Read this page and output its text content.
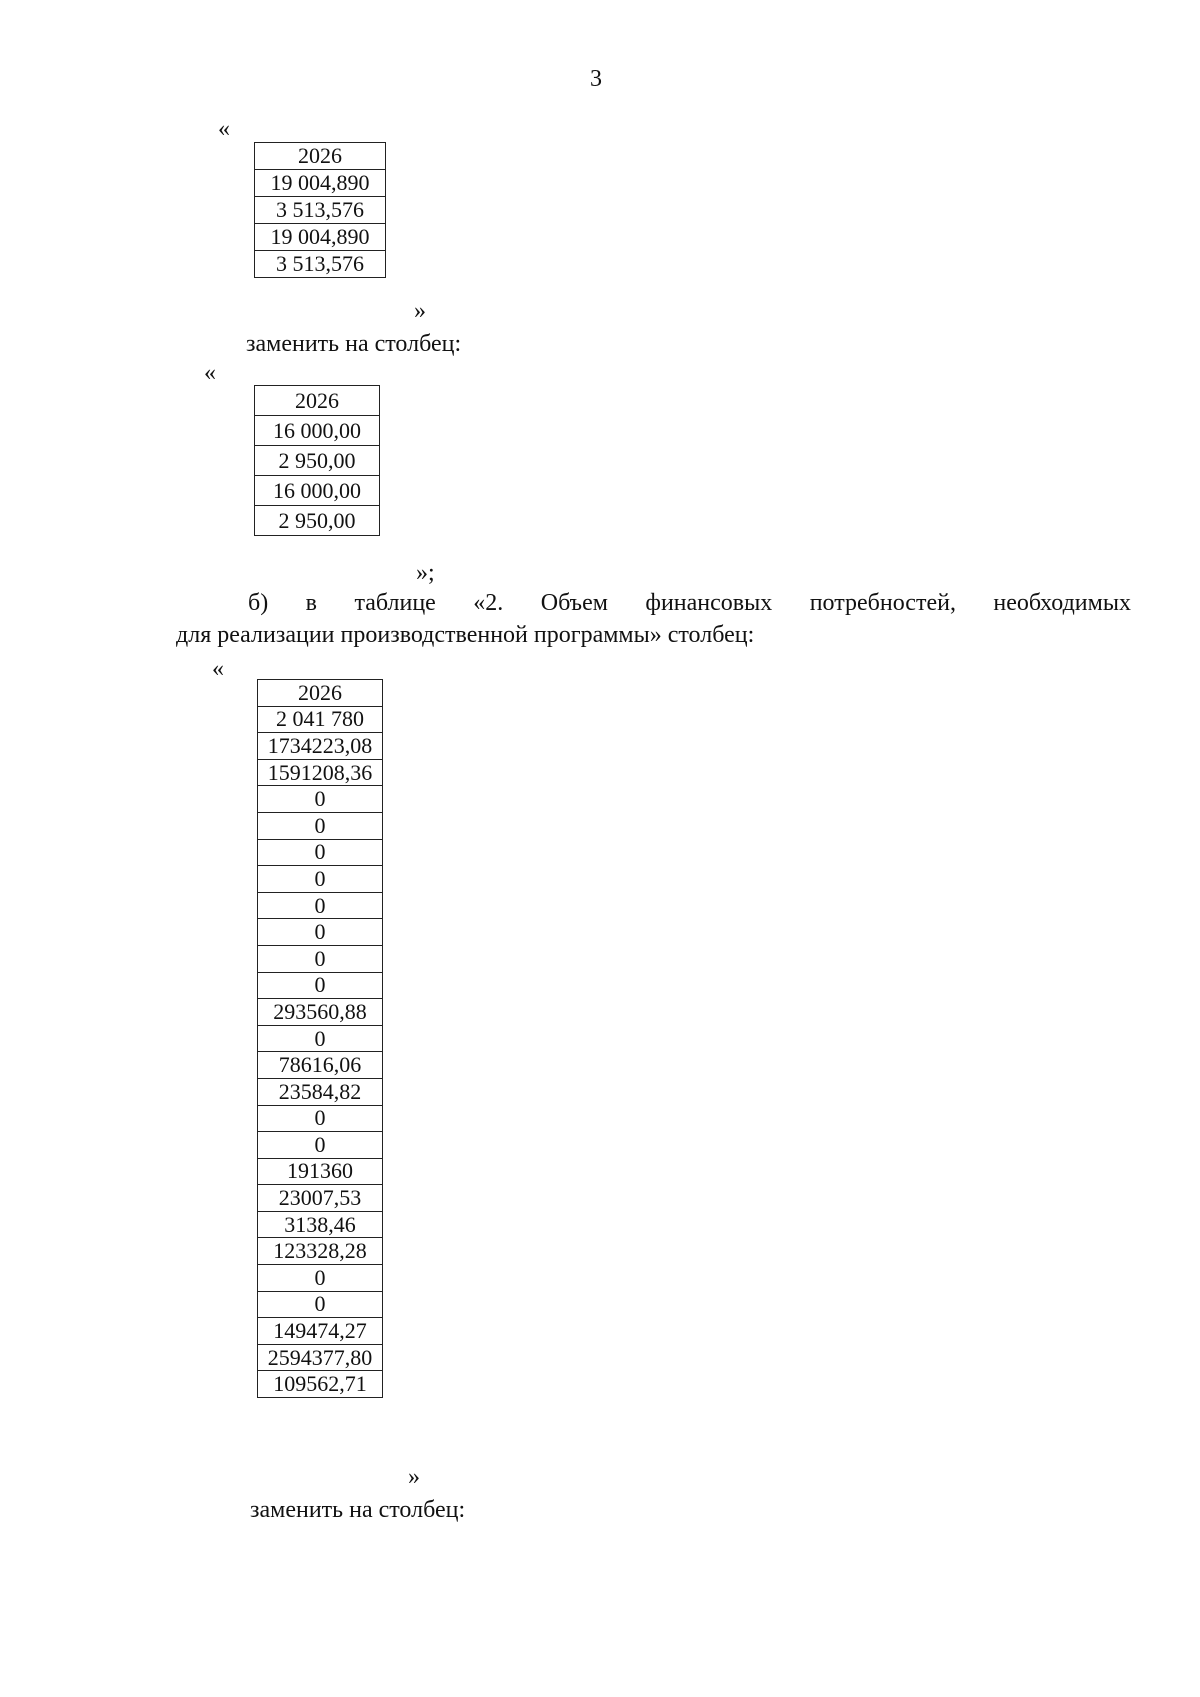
3
«
2026
19 004,890
3 513,576
19 004,890
3 513,576
»
заменить на столбец:
«
2026
16 000,00
2 950,00
16 000,00
2 950,00
»;
б) в таблице «2. Объем финансовых потребностей, необходимых
для реализации производственной программы» столбец:
«
2026
2 041 780
1734223,08
1591208,36
0
0
0
0
0
0
0
0
293560,88
0
78616,06
23584,82
0
0
191360
23007,53
3138,46
123328,28
0
0
149474,27
2594377,80
109562,71
»
заменить на столбец:
